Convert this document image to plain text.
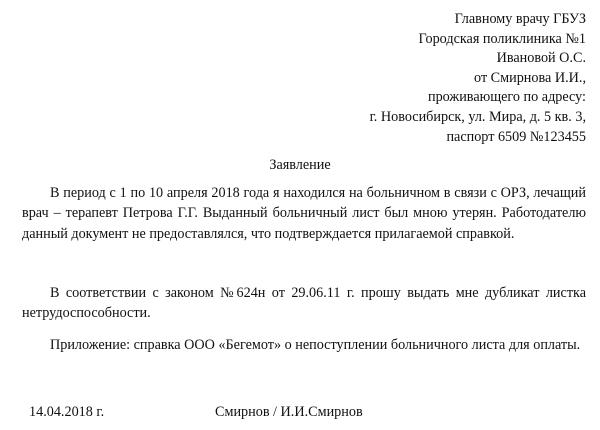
Главному врачу ГБУЗ
Городская поликлиника №1
Ивановой О.С.
от Смирнова И.И.,
проживающего по адресу:
г. Новосибирск, ул. Мира, д. 5 кв. 3,
паспорт 6509 №123455
Заявление

В период с 1 по 10 апреля 2018 года я находился на больничном в связи с ОРЗ, лечащий врач – терапевт Петрова Г.Г. Выданный больничный лист был мною утерян. Работодателю данный документ не предоставлялся, что подтверждается прилагаемой справкой.

В соответствии с законом №624н от 29.06.11 г. прошу выдать мне дубликат листка нетрудоспособности.

Приложение: справка ООО «Бегемот» о непоступлении больничного листа для оплаты.

14.04.2018 г.	Смирнов / И.И.Смирнов
